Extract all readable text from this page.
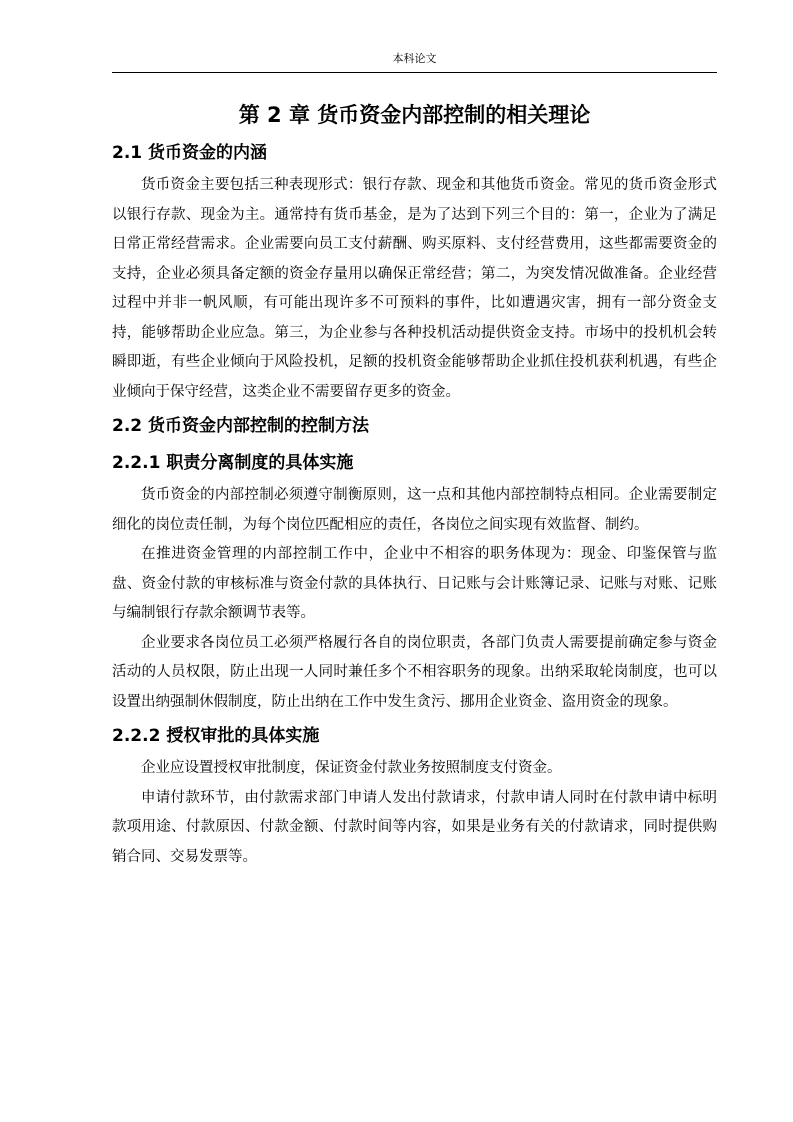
本科论文
第 2 章 货币资金内部控制的相关理论
2.1 货币资金的内涵

货币资金主要包括三种表现形式：银行存款、现金和其他货币资金。常见的货币资金形式以银行存款、现金为主。通常持有货币基金，是为了达到下列三个目的：第一，企业为了满足日常正常经营需求。企业需要向员工支付薪酬、购买原料、支付经营费用，这些都需要资金的支持，企业必须具备定额的资金存量用以确保正常经营；第二，为突发情况做准备。企业经营过程中并非一帆风顺，有可能出现许多不可预料的事件，比如遭遇灾害，拥有一部分资金支持，能够帮助企业应急。第三，为企业参与各种投机活动提供资金支持。市场中的投机机会转瞬即逝，有些企业倾向于风险投机，足额的投机资金能够帮助企业抓住投机获利机遇，有些企业倾向于保守经营，这类企业不需要留存更多的资金。

2.2 货币资金内部控制的控制方法
2.2.1 职责分离制度的具体实施

货币资金的内部控制必须遵守制衡原则，这一点和其他内部控制特点相同。企业需要制定细化的岗位责任制，为每个岗位匹配相应的责任，各岗位之间实现有效监督、制约。

在推进资金管理的内部控制工作中，企业中不相容的职务体现为：现金、印鉴保管与监盘、资金付款的审核标准与资金付款的具体执行、日记账与会计账簿记录、记账与对账、记账与编制银行存款余额调节表等。

企业要求各岗位员工必须严格履行各自的岗位职责，各部门负责人需要提前确定参与资金活动的人员权限，防止出现一人同时兼任多个不相容职务的现象。出纳采取轮岗制度，也可以设置出纳强制休假制度，防止出纳在工作中发生贪污、挪用企业资金、盗用资金的现象。

2.2.2 授权审批的具体实施

企业应设置授权审批制度，保证资金付款业务按照制度支付资金。

申请付款环节，由付款需求部门申请人发出付款请求，付款申请人同时在付款申请中标明款项用途、付款原因、付款金额、付款时间等内容，如果是业务有关的付款请求，同时提供购销合同、交易发票等。
